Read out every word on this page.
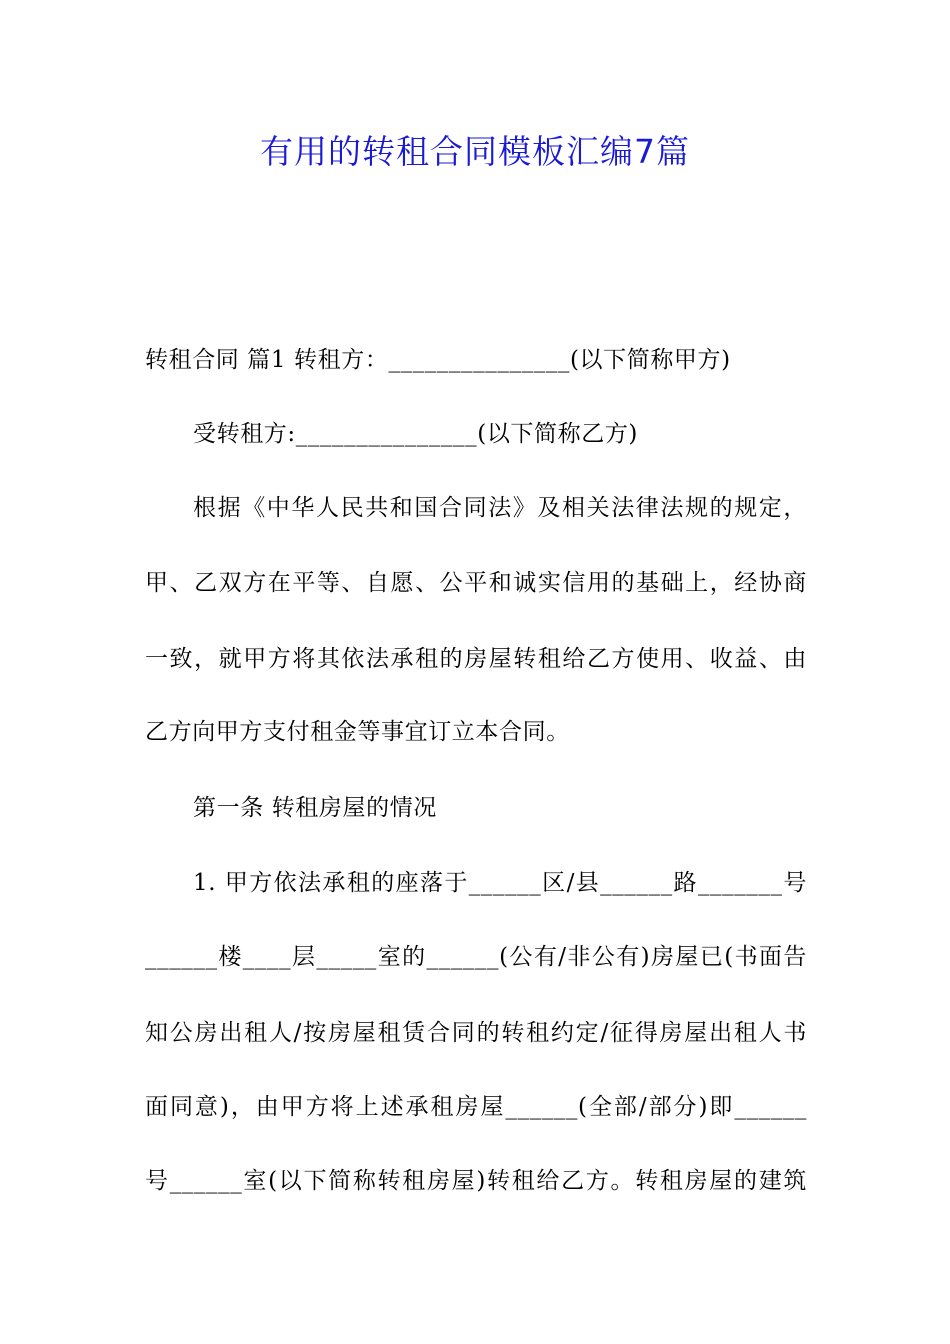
有用的转租合同模板汇编7篇
转租合同 篇1 转租方：_______________(以下简称甲方)
受转租方:_______________(以下简称乙方)
根据《中华人民共和国合同法》及相关法律法规的规定，
甲、乙双方在平等、自愿、公平和诚实信用的基础上，经协商
一致，就甲方将其依法承租的房屋转租给乙方使用、收益、由
乙方向甲方支付租金等事宜订立本合同。
第一条 转租房屋的情况
1. 甲方依法承租的座落于______区/县______路_______号
______楼____层_____室的______(公有/非公有)房屋已(书面告
知公房出租人/按房屋租赁合同的转租约定/征得房屋出租人书
面同意)，由甲方将上述承租房屋______(全部/部分)即______
号______室(以下简称转租房屋)转租给乙方。转租房屋的建筑
